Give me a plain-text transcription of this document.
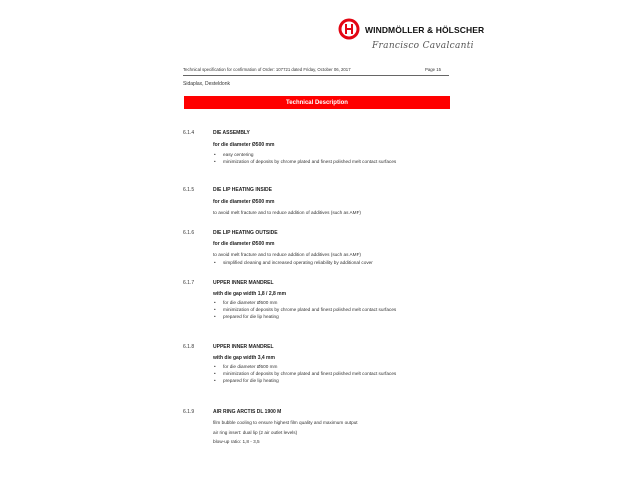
WINDMÖLLER & HÖLSCHER
Francisco Cavalcanti
Technical specification for confirmation of Order: 107721 dated Friday, October 06, 2017	Page 15
Sidaplax, Desteldonk
Technical Description
6.1.4	DIE ASSEMBLY
for die diameter Ø500 mm
• easy centering
• minimization of deposits by chrome plated and finest polished melt contact surfaces
6.1.5	DIE LIP HEATING INSIDE
for die diameter Ø500 mm
to avoid melt fracture and to reduce addition of additives (such as AMF)
6.1.6	DIE LIP HEATING OUTSIDE
for die diameter Ø500 mm
to avoid melt fracture and to reduce addition of additives (such as AMF)
• simplified cleaning and increased operating reliability by additional cover
6.1.7	UPPER INNER MANDREL
with die gap width 1,8 / 2,8 mm
• for die diameter Ø500 mm
• minimization of deposits by chrome plated and finest polished melt contact surfaces
• prepared for die lip heating
6.1.8	UPPER INNER MANDREL
with die gap width 3,4 mm
• for die diameter Ø500 mm
• minimization of deposits by chrome plated and finest polished melt contact surfaces
• prepared for die lip heating
6.1.9	AIR RING ARCTIS DL 1900 M
film bubble cooling to ensure highest film quality and maximum output
air ring insert: dual lip (2 air outlet levels)
blow-up ratio: 1,8 - 3,5
